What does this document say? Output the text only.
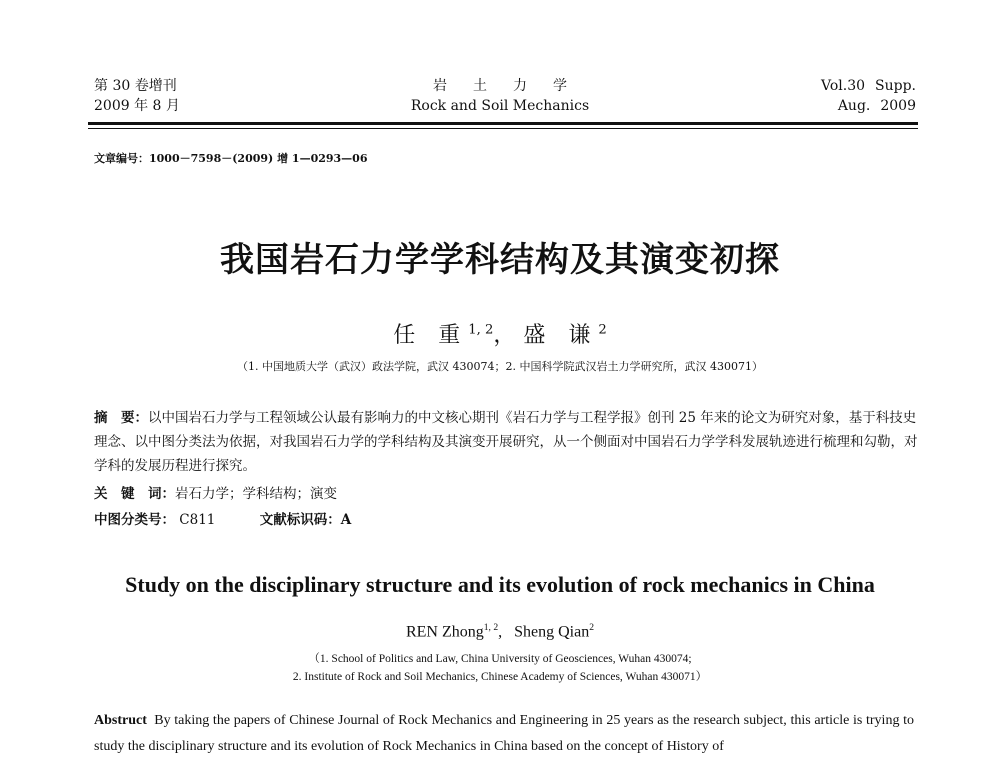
第 30 卷增刊
2009 年 8 月
岩土力学
Rock and Soil Mechanics
Vol.30 Supp.
Aug. 2009
文章编号：1000－7598－(2009) 增 1—0293—06
我国岩石力学学科结构及其演变初探
任 重$^{1, 2}$，盛 谦$^2$
（1. 中国地质大学（武汉）政法学院，武汉 430074；2. 中国科学院武汉岩土力学研究所，武汉 430071）
摘　要：以中国岩石力学与工程领域公认最有影响力的中文核心期刊《岩石力学与工程学报》创刊 25 年来的论文为研究对象，基于科技史理念、以中图分类法为依据，对我国岩石力学的学科结构及其演变开展研究，从一个侧面对中国岩石力学学科发展轨迹进行梳理和勾勒，对学科的发展历程进行探究。
关　键　词：岩石力学；学科结构；演变
中图分类号： C811	文献标识码：A
Study on the disciplinary structure and its evolution of rock mechanics in China
REN Zhong$^{1, 2}$, Sheng Qian$^2$
（1. School of Politics and Law, China University of Geosciences, Wuhan 430074;
2. Institute of Rock and Soil Mechanics, Chinese Academy of Sciences, Wuhan 430071）
Abstruct By taking the papers of Chinese Journal of Rock Mechanics and Engineering in 25 years as the research subject, this article is trying to study the disciplinary structure and its evolution of Rock Mechanics in China based on the concept of History of
